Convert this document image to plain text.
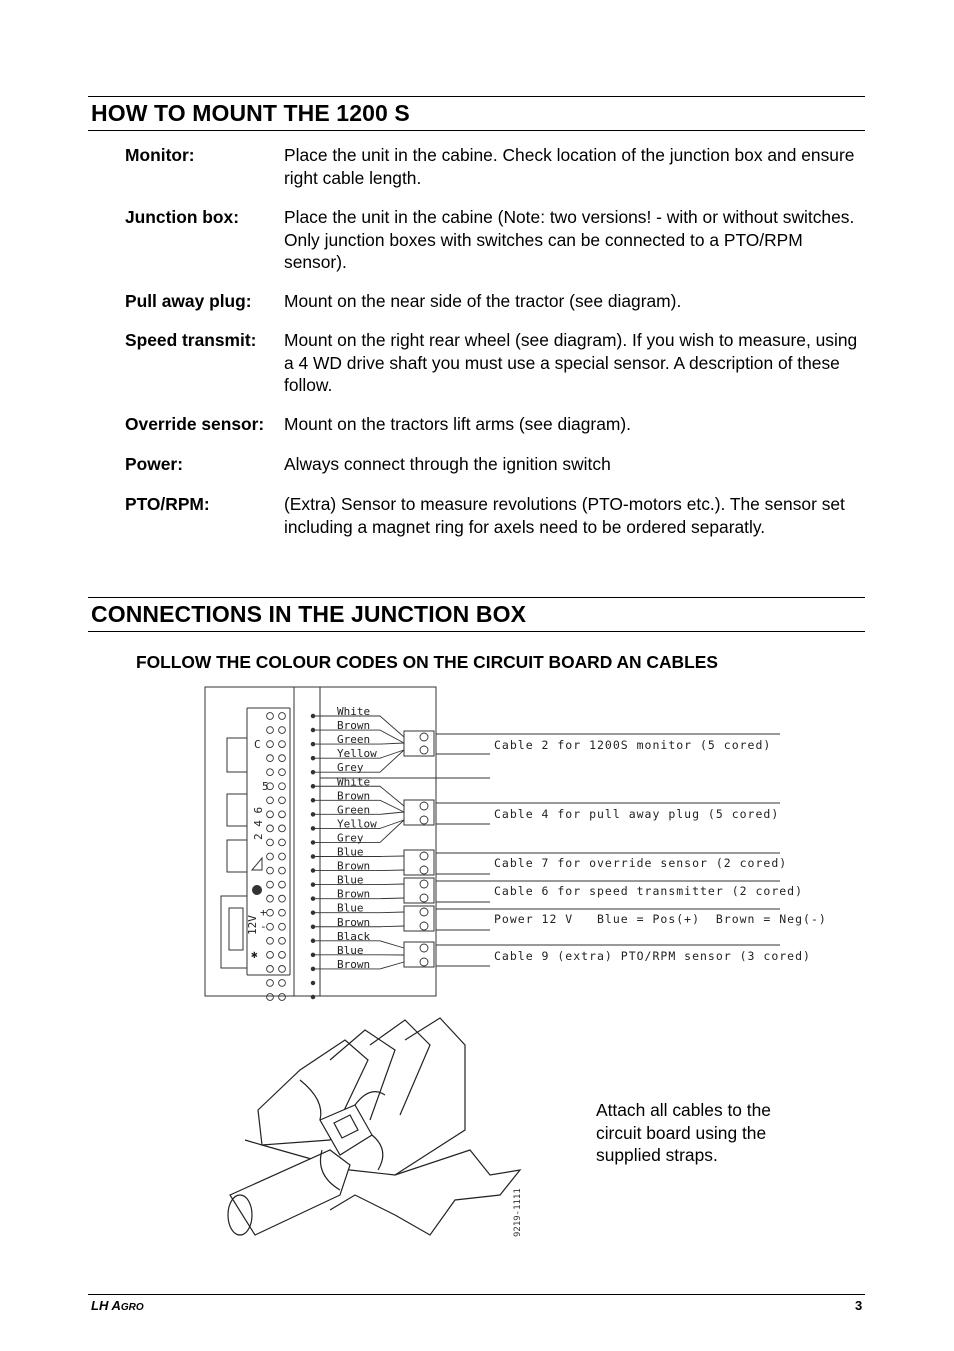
HOW TO MOUNT THE 1200 S
Monitor:	Place the unit in the cabine. Check location of the junction box and ensure right cable length.
Junction box:	Place the unit in the cabine (Note: two versions! - with or without switches. Only junction boxes with switches can be connected to a PTO/RPM sensor).
Pull away plug: Mount on the near side of the tractor (see diagram).
Speed transmit: Mount on the right rear wheel (see diagram). If you wish to measure, using a 4 WD drive shaft you must use a special sensor. A description of these follow.
Override sensor: Mount on the tractors lift arms (see diagram).
Power:	Always connect through the ignition switch
PTO/RPM:	(Extra) Sensor to measure revolutions (PTO-motors etc.). The sensor set including a magnet ring for axels need to be ordered separatly.
CONNECTIONS IN THE JUNCTION BOX
FOLLOW THE COLOUR CODES ON THE CIRCUIT BOARD AN CABLES
C
5
2 4 6
12V
+
-
✱
White
Brown
Green
Yellow
Grey
White
Brown
Green
Yellow
Grey
Blue
Brown
Blue
Brown
Blue
Brown
Black
Blue
Brown
Cable 2 for 1200S monitor (5 cored)
Cable 4 for pull away plug (5 cored)
Cable 7 for override sensor (2 cored)
Cable 6 for speed transmitter (2 cored)
Power 12 V   Blue = Pos(+)  Brown = Neg(-)
Cable 9 (extra) PTO/RPM sensor (3 cored)
9219-1111
Attach all cables to the circuit board using the supplied straps.
LH AGRO	3
